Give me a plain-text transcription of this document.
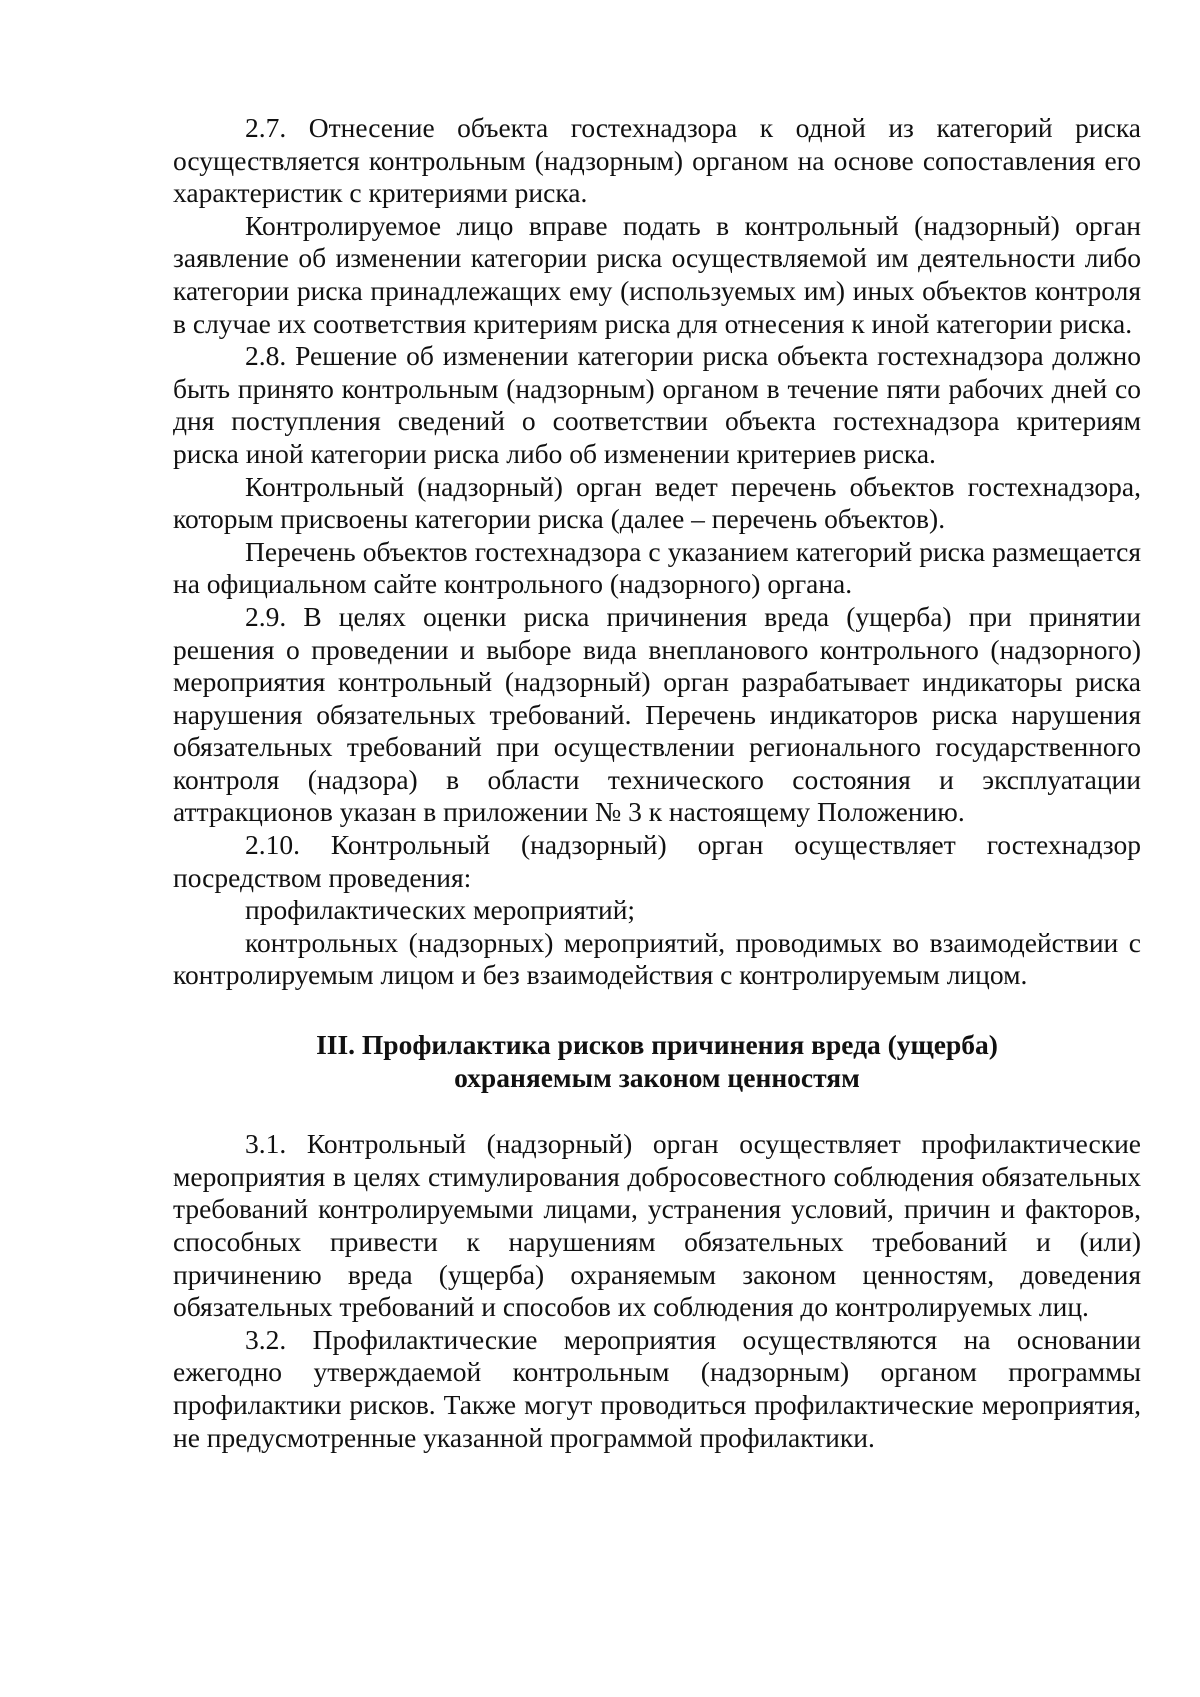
2.7. Отнесение объекта гостехнадзора к одной из категорий риска осуществляется контрольным (надзорным) органом на основе сопоставления его характеристик с критериями риска.

Контролируемое лицо вправе подать в контрольный (надзорный) орган заявление об изменении категории риска осуществляемой им деятельности либо категории риска принадлежащих ему (используемых им) иных объектов контроля в случае их соответствия критериям риска для отнесения к иной категории риска.

2.8. Решение об изменении категории риска объекта гостехнадзора должно быть принято контрольным (надзорным) органом в течение пяти рабочих дней со дня поступления сведений о соответствии объекта гостехнадзора критериям риска иной категории риска либо об изменении критериев риска.

Контрольный (надзорный) орган ведет перечень объектов гостехнадзора, которым присвоены категории риска (далее – перечень объектов).

Перечень объектов гостехнадзора с указанием категорий риска размещается на официальном сайте контрольного (надзорного) органа.

2.9. В целях оценки риска причинения вреда (ущерба) при принятии решения о проведении и выборе вида внепланового контрольного (надзорного) мероприятия контрольный (надзорный) орган разрабатывает индикаторы риска нарушения обязательных требований. Перечень индикаторов риска нарушения обязательных требований при осуществлении регионального государственного контроля (надзора) в области технического состояния и эксплуатации аттракционов указан в приложении № 3 к настоящему Положению.

2.10. Контрольный (надзорный) орган осуществляет гостехнадзор посредством проведения:

профилактических мероприятий;

контрольных (надзорных) мероприятий, проводимых во взаимодействии с контролируемым лицом и без взаимодействия с контролируемым лицом.

III. Профилактика рисков причинения вреда (ущерба)
охраняемым законом ценностям

3.1. Контрольный (надзорный) орган осуществляет профилактические мероприятия в целях стимулирования добросовестного соблюдения обязательных требований контролируемыми лицами, устранения условий, причин и факторов, способных привести к нарушениям обязательных требований и (или) причинению вреда (ущерба) охраняемым законом ценностям, доведения обязательных требований и способов их соблюдения до контролируемых лиц.

3.2. Профилактические мероприятия осуществляются на основании ежегодно утверждаемой контрольным (надзорным) органом программы профилактики рисков. Также могут проводиться профилактические мероприятия, не предусмотренные указанной программой профилактики.
